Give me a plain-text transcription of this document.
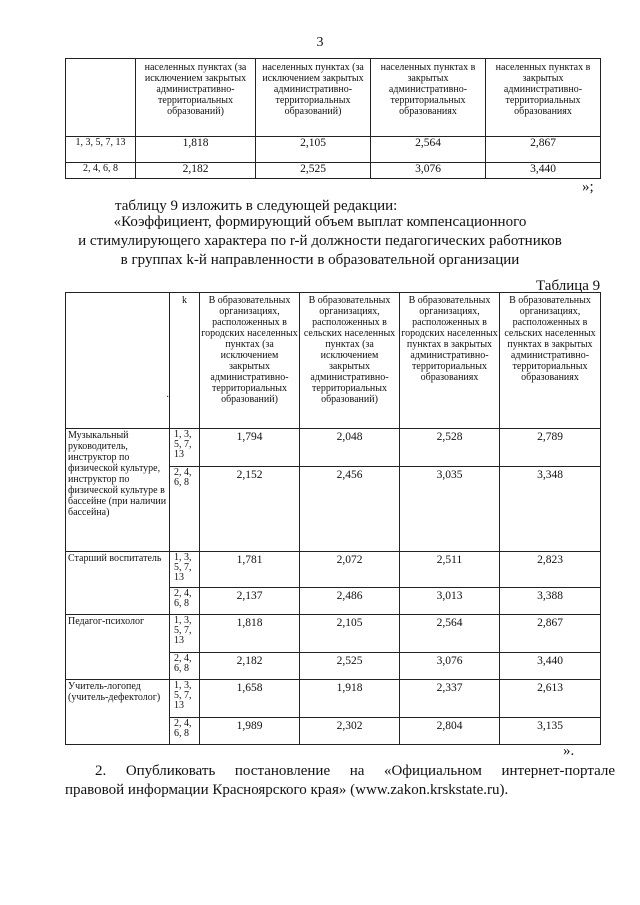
3
	населенных пунктах (за исключением закрытых административно-территориальных образований)	населенных пунктах (за исключением закрытых административно-территориальных образований)	населенных пунктах в закрытых административно-территориальных образованиях	населенных пунктах в закрытых административно-территориальных образованиях
1, 3, 5, 7, 13	1,818	2,105	2,564	2,867
2, 4, 6, 8	2,182	2,525	3,076	3,440
»;
таблицу 9 изложить в следующей редакции:
«Коэффициент, формирующий объем выплат компенсационного
и стимулирующего характера по r-й должности педагогических работников
в группах k-й направленности в образовательной организации
Таблица 9
	k	В образовательных организациях, расположенных в городских населенных пунктах (за исключением закрытых административно-территориальных образований)	В образовательных организациях, расположенных в сельских населенных пунктах (за исключением закрытых административно-территориальных образований)	В образовательных организациях, расположенных в городских населенных пунктах в закрытых административно-территориальных образованиях	В образовательных организациях, расположенных в сельских населенных пунктах в закрытых административно-территориальных образованиях
Музыкальный руководитель, инструктор по физической культуре, инструктор по физической культуре в бассейне (при наличии бассейна)	1, 3, 5, 7, 13	1,794	2,048	2,528	2,789
	2, 4, 6, 8	2,152	2,456	3,035	3,348
Старший воспитатель	1, 3, 5, 7, 13	1,781	2,072	2,511	2,823
	2, 4, 6, 8	2,137	2,486	3,013	3,388
Педагог-психолог	1, 3, 5, 7, 13	1,818	2,105	2,564	2,867
	2, 4, 6, 8	2,182	2,525	3,076	3,440
Учитель-логопед (учитель-дефектолог)	1, 3, 5, 7, 13	1,658	1,918	2,337	2,613
	2, 4, 6, 8	1,989	2,302	2,804	3,135
·
».
2. Опубликовать постановление на «Официальном интернет-портале
правовой информации Красноярского края» (www.zakon.krskstate.ru).
